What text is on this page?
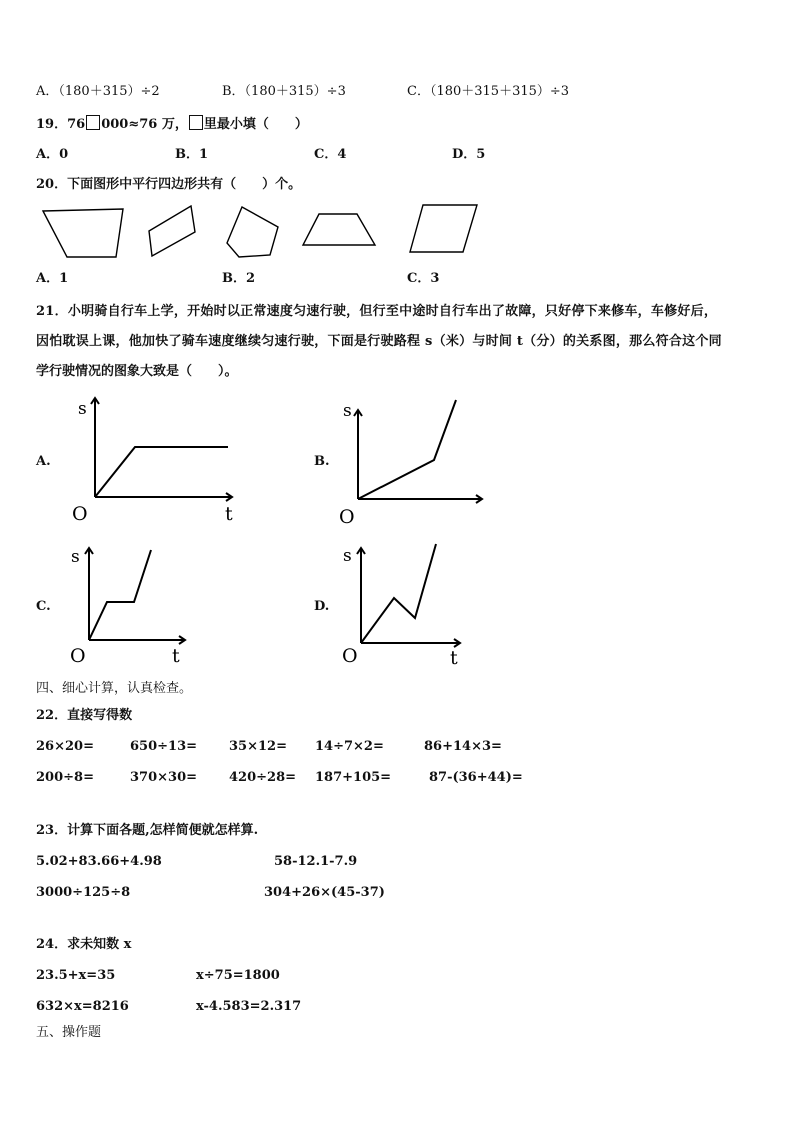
A．（180＋315）÷2	B．（180＋315）÷3	C．（180＋315＋315）÷3
19．76 000≈76 万， 里最小填（　　）
A．0	B．1	C．4	D．5
20．下面图形中平行四边形共有（　　）个。
A．1	B．2	C．3
21．小明骑自行车上学，开始时以正常速度匀速行驶，但行至中途时自行车出了故障，只好停下来修车，车修好后，
因怕耽误上课，他加快了骑车速度继续匀速行驶，下面是行驶路程 s（米）与时间 t（分）的关系图，那么符合这个同
学行驶情况的图象大致是（　　）。
A.
s
O	t
B.
s
O
C.
s
O	t
D.
s
O	t
四、细心计算，认真检查。
22．直接写得数
26×20=	650÷13= 35×12= 14÷7×2=	86+14×3=
200÷8=	370×30= 420÷28= 187+105=	87-(36+44)=
23．计算下面各题,怎样简便就怎样算.
5.02+83.66+4.98	58-12.1-7.9
3000÷125÷8	304+26×(45-37)
24．求未知数 x
23.5+x=35	x÷75=1800
632×x=8216	x-4.583=2.317
五、操作题
